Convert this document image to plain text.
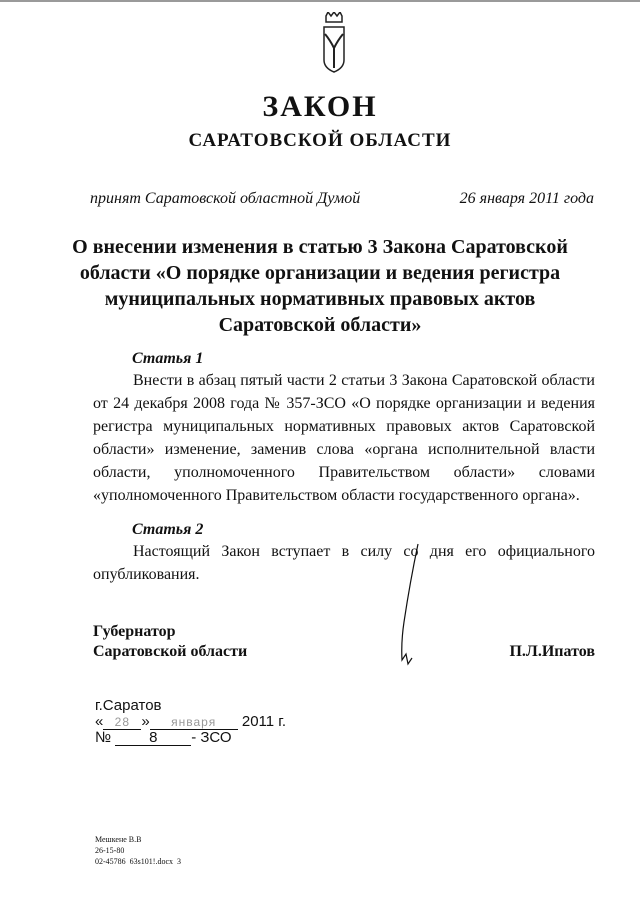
ЗАКОН
САРАТОВСКОЙ ОБЛАСТИ
принят Саратовской областной Думой	26 января 2011 года
О внесении изменения в статью 3 Закона Саратовской
области «О порядке организации и ведения регистра
муниципальных нормативных правовых актов
Саратовской области»
Статья 1
Внести в абзац пятый части 2 статьи 3 Закона Саратовской области от 24 декабря 2008 года № 357-ЗСО «О порядке организации и ведения регистра муниципальных нормативных правовых актов Саратовской области» изменение, заменив слова «органа исполнительной власти области, уполномоченного Правительством области» словами «уполномоченного Правительством области государственного органа».
Статья 2
Настоящий Закон вступает в силу со дня его официального опубликования.
Губернатор
Саратовской области	П.Л.Ипатов
г.Саратов
« 28 » января 2011 г.
№	8 - ЗСО
Мешкене В.В
26-15-80
02-45786  63s101!.docx  3
